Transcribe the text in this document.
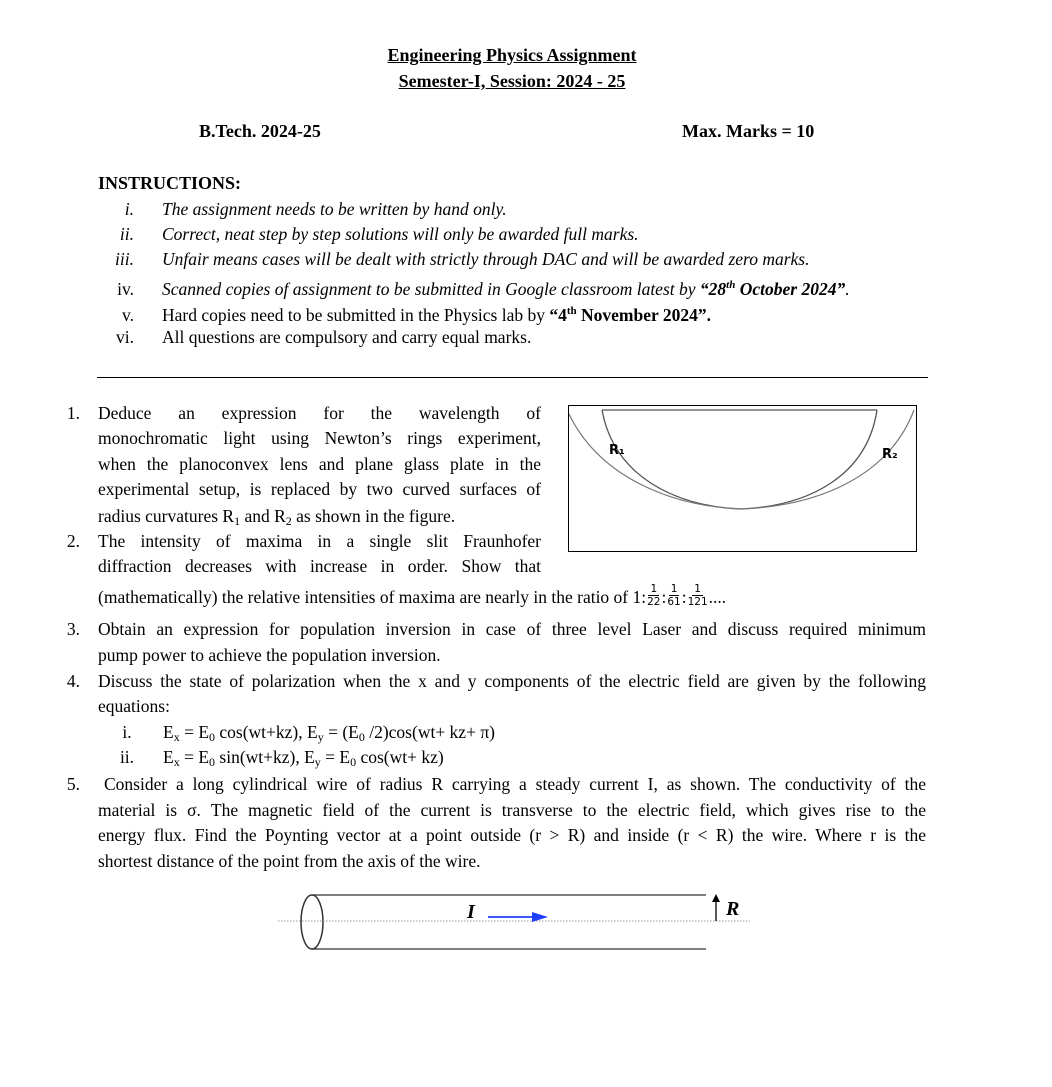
Engineering Physics Assignment
Semester-I, Session: 2024 - 25
B.Tech. 2024-25	Max. Marks = 10
INSTRUCTIONS:
i. The assignment needs to be written by hand only.
ii. Correct, neat step by step solutions will only be awarded full marks.
iii. Unfair means cases will be dealt with strictly through DAC and will be awarded zero marks.
iv. Scanned copies of assignment to be submitted in Google classroom latest by “28th October 2024”.
v. Hard copies need to be submitted in the Physics lab by “4th November 2024”.
vi. All questions are compulsory and carry equal marks.
1. Deduce an expression for the wavelength of
monochromatic light using Newton’s rings experiment,
when the planoconvex lens and plane glass plate in the
experimental setup, is replaced by two curved surfaces of
radius curvatures $R_1$ and $R_2$ as shown in the figure.
R₁	R₂
2. The intensity of maxima in a single slit Fraunhofer
diffraction decreases with increase in order. Show that
(mathematically) the relative intensities of maxima are nearly in the ratio of 1: $\frac{1}{22}$ : $\frac{1}{61}$ : $\frac{1}{121}$ ....
3. Obtain an expression for population inversion in case of three level Laser and discuss required minimum
pump power to achieve the population inversion.
4. Discuss the state of polarization when the x and y components of the electric field are given by the following
equations:
i.	$E_x = E_0$ cos(wt+kz), $E_y = (E_0$ /2)cos(wt+ kz+ π)
ii.	$E_x = E_0$ sin(wt+kz), $E_y = E_0$ cos(wt+ kz)
5. Consider a long cylindrical wire of radius R carrying a steady current I, as shown. The conductivity of the
material is σ. The magnetic field of the current is transverse to the electric field, which gives rise to the
energy flux. Find the Poynting vector at a point outside (r > R) and inside (r < R) the wire. Where r is the
shortest distance of the point from the axis of the wire.
I	R
